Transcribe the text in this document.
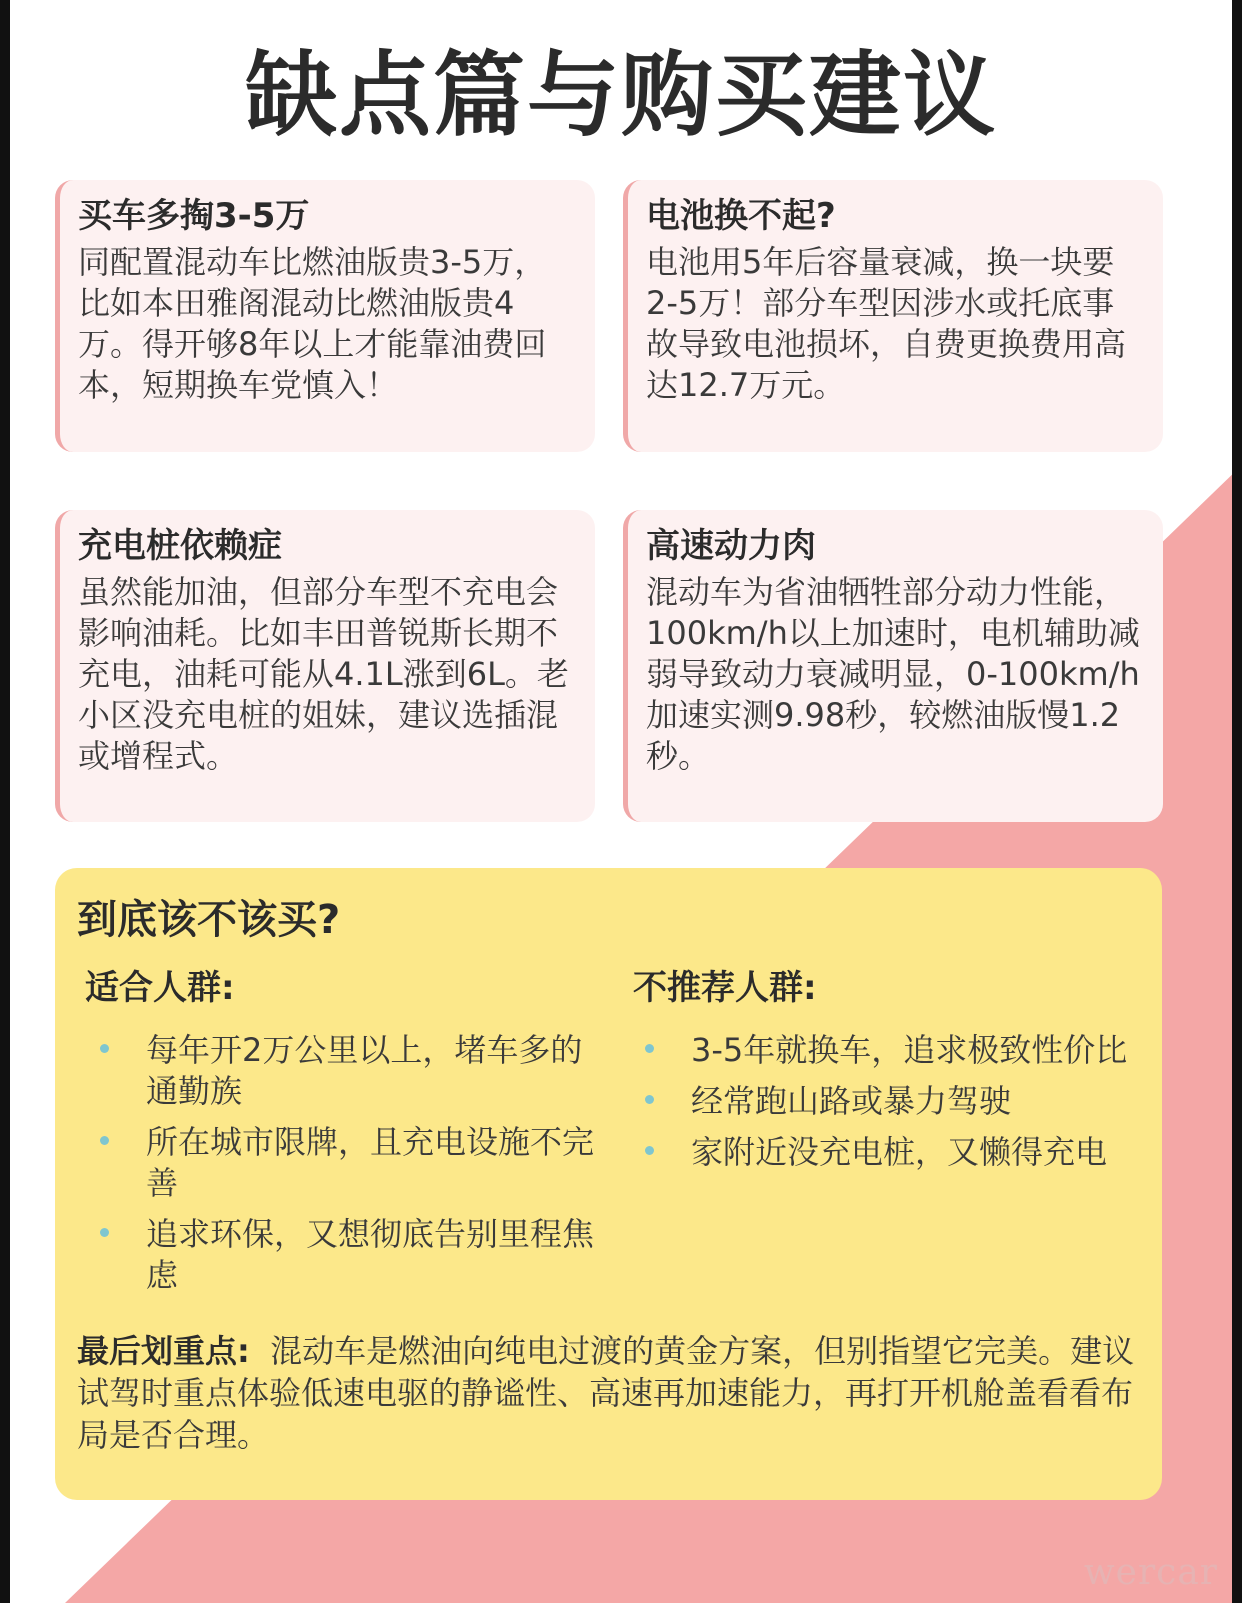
缺点篇与购买建议
买车多掏3-5万

同配置混动车比燃油版贵3-5万，比如本田雅阁混动比燃油版贵4万。得开够8年以上才能靠油费回本，短期换车党慎入！

电池换不起?

电池用5年后容量衰减，换一块要2-5万！部分车型因涉水或托底事故导致电池损坏，自费更换费用高达12.7万元。

充电桩依赖症

虽然能加油，但部分车型不充电会影响油耗。比如丰田普锐斯长期不充电，油耗可能从4.1L涨到6L。老小区没充电桩的姐妹，建议选插混或增程式。

高速动力肉

混动车为省油牺牲部分动力性能，100km/h以上加速时，电机辅助减弱导致动力衰减明显，0-100km/h加速实测9.98秒，较燃油版慢1.2秒。

到底该不该买?
适合人群:
每年开2万公里以上，堵车多的通勤族
所在城市限牌，且充电设施不完善
追求环保，又想彻底告别里程焦虑
不推荐人群:
3-5年就换车，追求极致性价比
经常跑山路或暴力驾驶
家附近没充电桩，又懒得充电
最后划重点: 混动车是燃油向纯电过渡的黄金方案，但别指望它完美。建议试驾时重点体验低速电驱的静谧性、高速再加速能力，再打开机舱盖看看布局是否合理。
wercar
